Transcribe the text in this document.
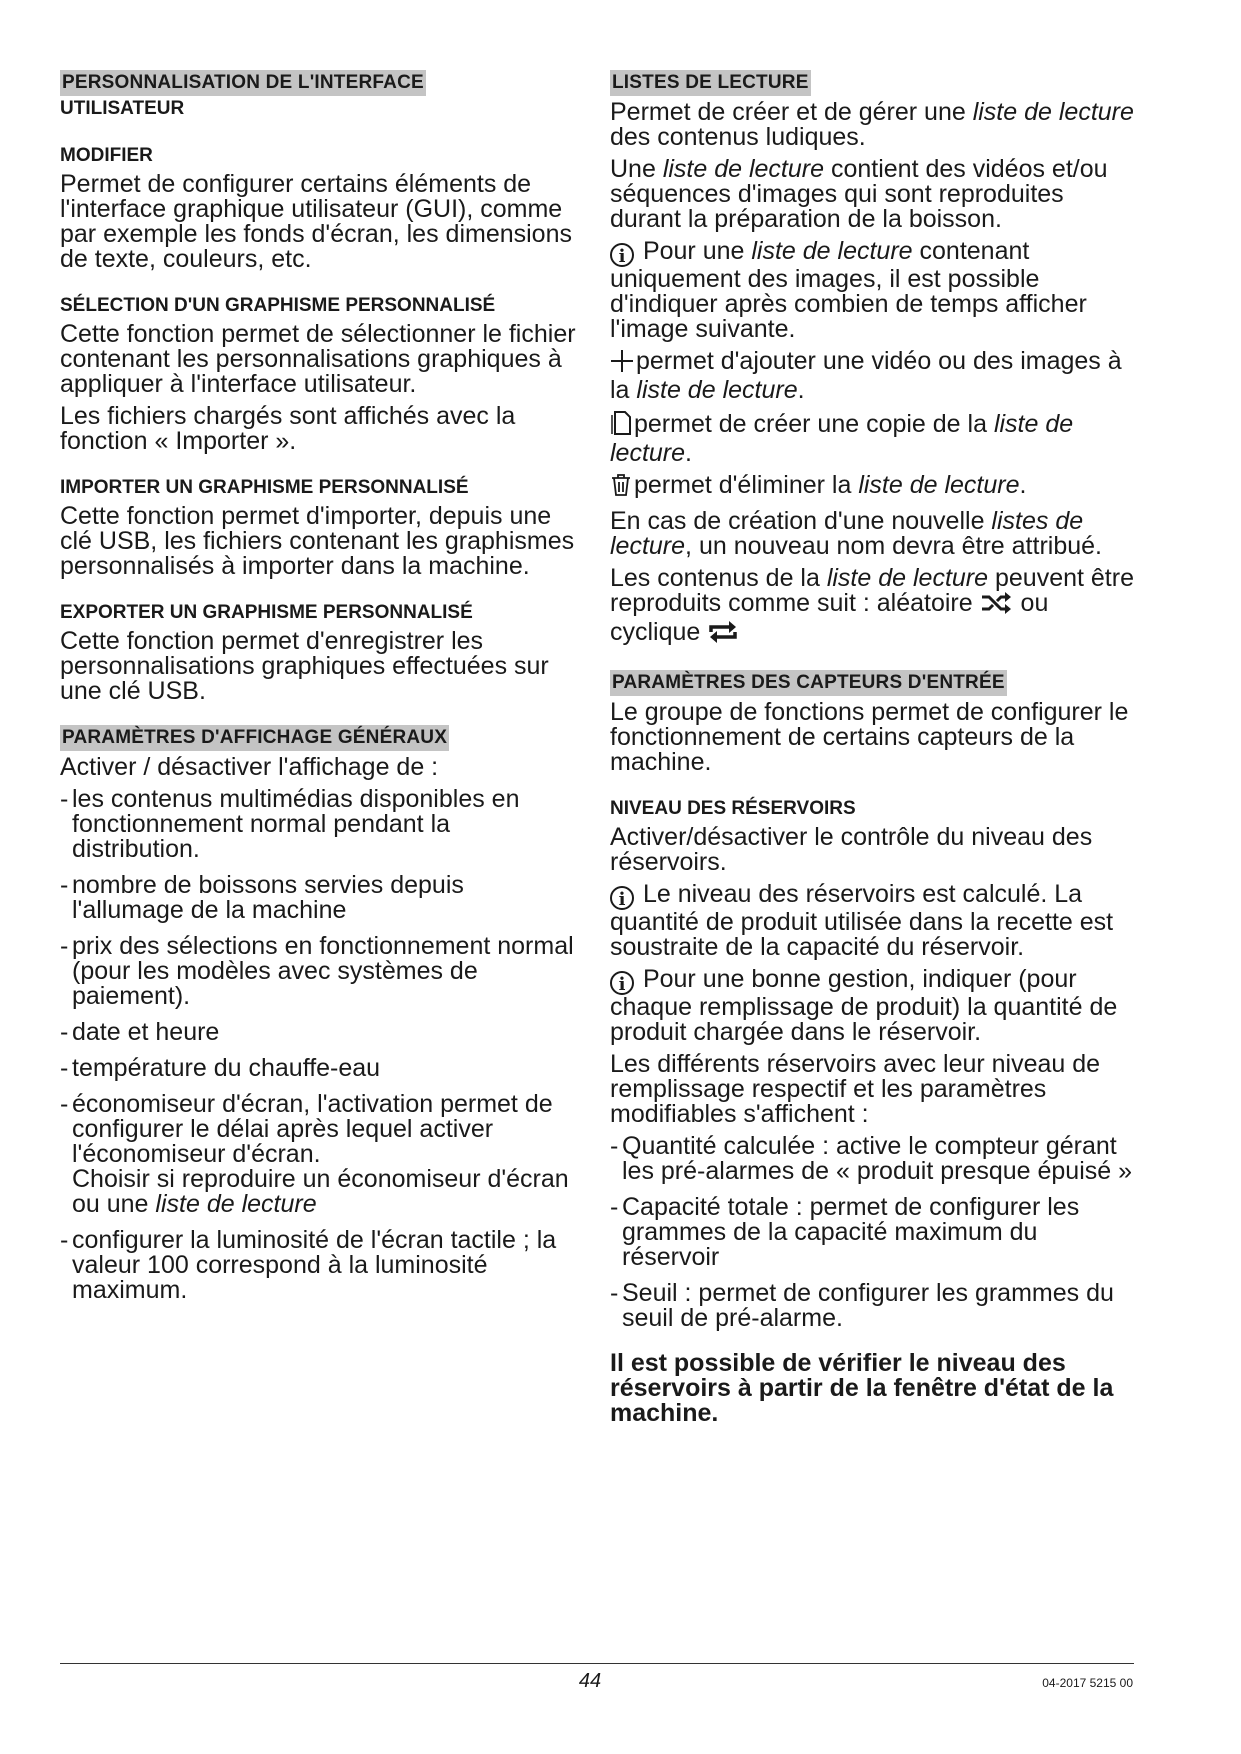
PERSONNALISATION DE L'INTERFACE
UTILISATEUR
MODIFIER

Permet de configurer certains éléments de l'interface graphique utilisateur (GUI), comme par exemple les fonds d'écran, les dimensions de texte, couleurs, etc.

SÉLECTION D'UN GRAPHISME PERSONNALISÉ

Cette fonction permet de sélectionner le fichier contenant les personnalisations graphiques à appliquer à l'interface utilisateur.

Les fichiers chargés sont affichés avec la fonction « Importer ».

IMPORTER UN GRAPHISME PERSONNALISÉ

Cette fonction permet d'importer, depuis une clé USB, les fichiers contenant les graphismes personnalisés à importer dans la machine.

EXPORTER UN GRAPHISME PERSONNALISÉ

Cette fonction permet d'enregistrer les personnalisations graphiques effectuées sur une clé USB.

PARAMÈTRES D'AFFICHAGE GÉNÉRAUX

Activer / désactiver l'affichage de :

- les contenus multimédias disponibles en fonctionnement normal pendant la distribution.
- nombre de boissons servies depuis l'allumage de la machine
- prix des sélections en fonctionnement normal (pour les modèles avec systèmes de paiement).
- date et heure
- température du chauffe-eau
- économiseur d'écran, l'activation permet de configurer le délai après lequel activer l'économiseur d'écran.
Choisir si reproduire un économiseur d'écran ou une liste de lecture
- configurer la luminosité de l'écran tactile ; la valeur 100 correspond à la luminosité maximum.
LISTES DE LECTURE

Permet de créer et de gérer une liste de lecture des contenus ludiques.

Une liste de lecture contient des vidéos et/ou séquences d'images qui sont reproduites durant la préparation de la boisson.

i Pour une liste de lecture contenant uniquement des images, il est possible d'indiquer après combien de temps afficher l'image suivante.

permet d'ajouter une vidéo ou des images à la liste de lecture.

permet de créer une copie de la liste de lecture.

permet d'éliminer la liste de lecture.

En cas de création d'une nouvelle listes de lecture, un nouveau nom devra être attribué.

Les contenus de la liste de lecture peuvent être reproduits comme suit : aléatoire  ou cyclique

PARAMÈTRES DES CAPTEURS D'ENTRÉE

Le groupe de fonctions permet de configurer le fonctionnement de certains capteurs de la machine.

NIVEAU DES RÉSERVOIRS

Activer/désactiver le contrôle du niveau des réservoirs.

i Le niveau des réservoirs est calculé. La quantité de produit utilisée dans la recette est soustraite de la capacité du réservoir.

i Pour une bonne gestion, indiquer (pour chaque remplissage de produit) la quantité de produit chargée dans le réservoir.

Les différents réservoirs avec leur niveau de remplissage respectif et les paramètres modifiables s'affichent :

- Quantité calculée : active le compteur gérant les pré-alarmes de « produit presque épuisé »
- Capacité totale : permet de configurer les grammes de la capacité maximum du réservoir
- Seuil : permet de configurer les grammes du seuil de pré-alarme.
Il est possible de vérifier le niveau des réservoirs à partir de la fenêtre d'état de la machine.
44	04-2017 5215 00
